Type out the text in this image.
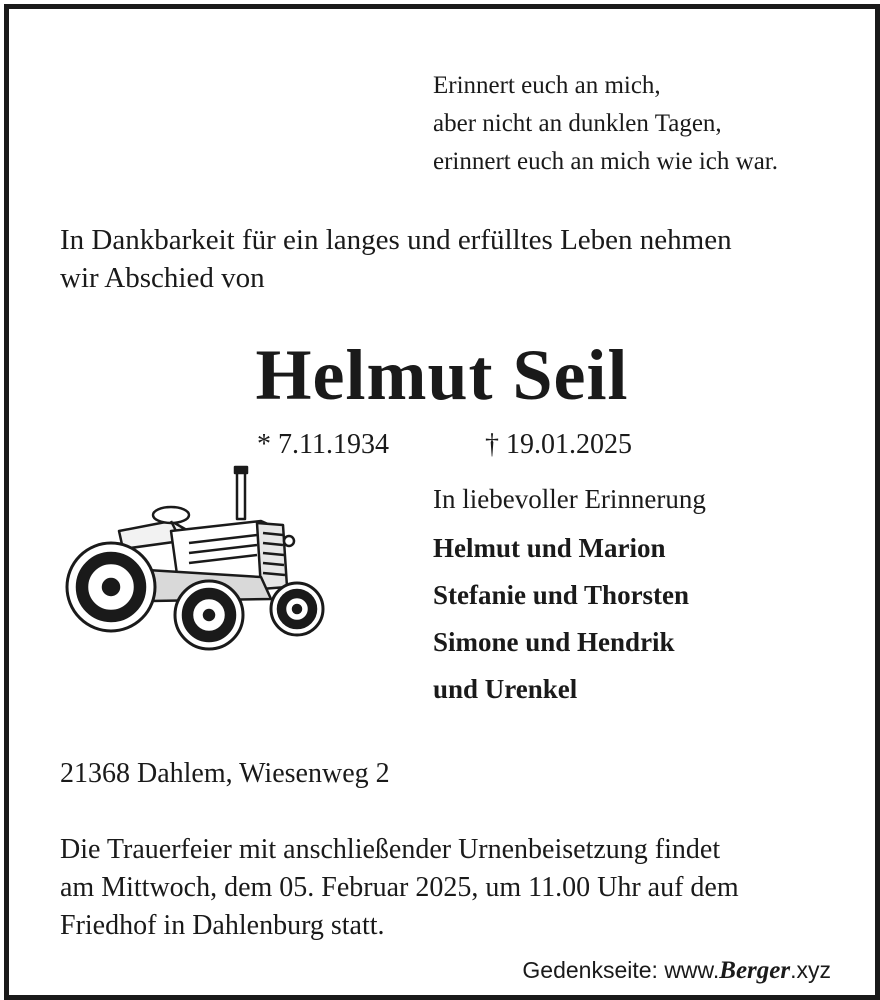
Erinnert euch an mich,
aber nicht an dunklen Tagen,
erinnert euch an mich wie ich war.
In Dankbarkeit für ein langes und erfülltes Leben nehmen
wir Abschied von
Helmut Seil
* 7.11.1934	† 19.01.2025
In liebevoller Erinnerung
Helmut und Marion
Stefanie und Thorsten
Simone und Hendrik
und Urenkel
21368 Dahlem, Wiesenweg 2
Die Trauerfeier mit anschließender Urnenbeisetzung findet
am Mittwoch, dem 05. Februar 2025, um 11.00 Uhr auf dem
Friedhof in Dahlenburg statt.
Gedenkseite: www.Berger.xyz
